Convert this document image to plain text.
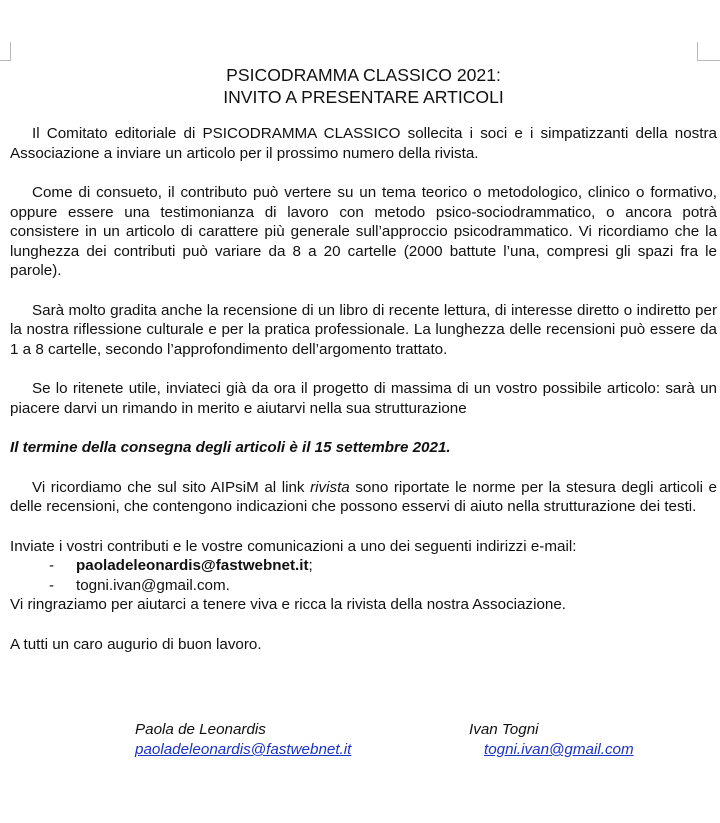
PSICODRAMMA CLASSICO 2021:
INVITO A PRESENTARE ARTICOLI

Il Comitato editoriale di PSICODRAMMA CLASSICO sollecita i soci e i simpatizzanti della nostra Associazione a inviare un articolo per il prossimo numero della rivista.

Come di consueto, il contributo può vertere su un tema teorico o metodologico, clinico o formativo, oppure essere una testimonianza di lavoro con metodo psico-sociodrammatico, o ancora potrà consistere in un articolo di carattere più generale sull’approccio psicodrammatico. Vi ricordiamo che la lunghezza dei contributi può variare da 8 a 20 cartelle (2000 battute l’una, compresi gli spazi fra le parole).

Sarà molto gradita anche la recensione di un libro di recente lettura, di interesse diretto o indiretto per la nostra riflessione culturale e per la pratica professionale. La lunghezza delle recensioni può essere da 1 a 8 cartelle, secondo l’approfondimento dell’argomento trattato.

Se lo ritenete utile, inviateci già da ora il progetto di massima di un vostro possibile articolo: sarà un piacere darvi un rimando in merito e aiutarvi nella sua strutturazione

Il termine della consegna degli articoli è il 15 settembre 2021.

Vi ricordiamo che sul sito AIPsiM al link rivista sono riportate le norme per la stesura degli articoli e delle recensioni, che contengono indicazioni che possono esservi di aiuto nella strutturazione dei testi.

Inviate i vostri contributi e le vostre comunicazioni a uno dei seguenti indirizzi e-mail:

- paoladeleonardis@fastwebnet.it;
- togni.ivan@gmail.com.

Vi ringraziamo per aiutarci a tenere viva e ricca la rivista della nostra Associazione.

A tutti un caro augurio di buon lavoro.

Paola de Leonardis
paoladeleonardis@fastwebnet.it
Ivan Togni
togni.ivan@gmail.com
